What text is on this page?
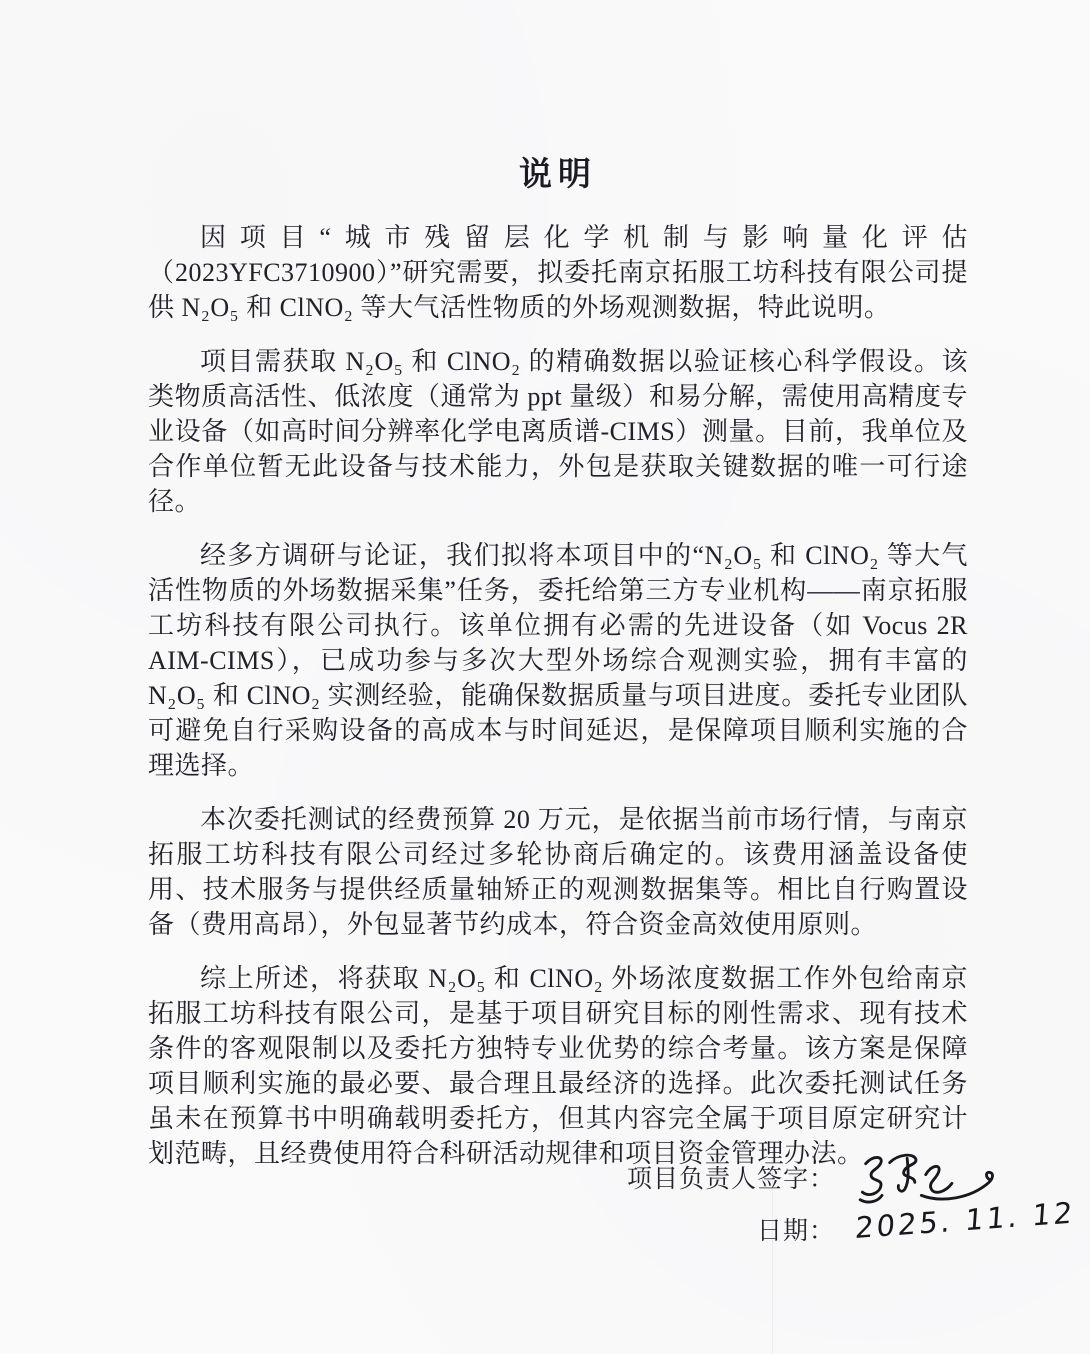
说明

因项目“城市残留层化学机制与影响量化评估（2023YFC3710900）”研究需要，拟委托南京拓服工坊科技有限公司提供 N₂O₅ 和 ClNO₂ 等大气活性物质的外场观测数据，特此说明。

项目需获取 N₂O₅ 和 ClNO₂ 的精确数据以验证核心科学假设。该类物质高活性、低浓度（通常为 ppt 量级）和易分解，需使用高精度专业设备（如高时间分辨率化学电离质谱-CIMS）测量。目前，我单位及合作单位暂无此设备与技术能力，外包是获取关键数据的唯一可行途径。

经多方调研与论证，我们拟将本项目中的“N₂O₅ 和 ClNO₂ 等大气活性物质的外场数据采集”任务，委托给第三方专业机构——南京拓服工坊科技有限公司执行。该单位拥有必需的先进设备（如 Vocus 2R AIM-CIMS），已成功参与多次大型外场综合观测实验，拥有丰富的 N₂O₅ 和 ClNO₂ 实测经验，能确保数据质量与项目进度。委托专业团队可避免自行采购设备的高成本与时间延迟，是保障项目顺利实施的合理选择。

本次委托测试的经费预算 20 万元，是依据当前市场行情，与南京拓服工坊科技有限公司经过多轮协商后确定的。该费用涵盖设备使用、技术服务与提供经质量轴矫正的观测数据集等。相比自行购置设备（费用高昂），外包显著节约成本，符合资金高效使用原则。

综上所述，将获取 N₂O₅ 和 ClNO₂ 外场浓度数据工作外包给南京拓服工坊科技有限公司，是基于项目研究目标的刚性需求、现有技术条件的客观限制以及委托方独特专业优势的综合考量。该方案是保障项目顺利实施的最必要、最合理且最经济的选择。此次委托测试任务虽未在预算书中明确载明委托方，但其内容完全属于项目原定研究计划范畴，且经费使用符合科研活动规律和项目资金管理办法。

项目负责人签字：
日期： 2025. 11. 12
